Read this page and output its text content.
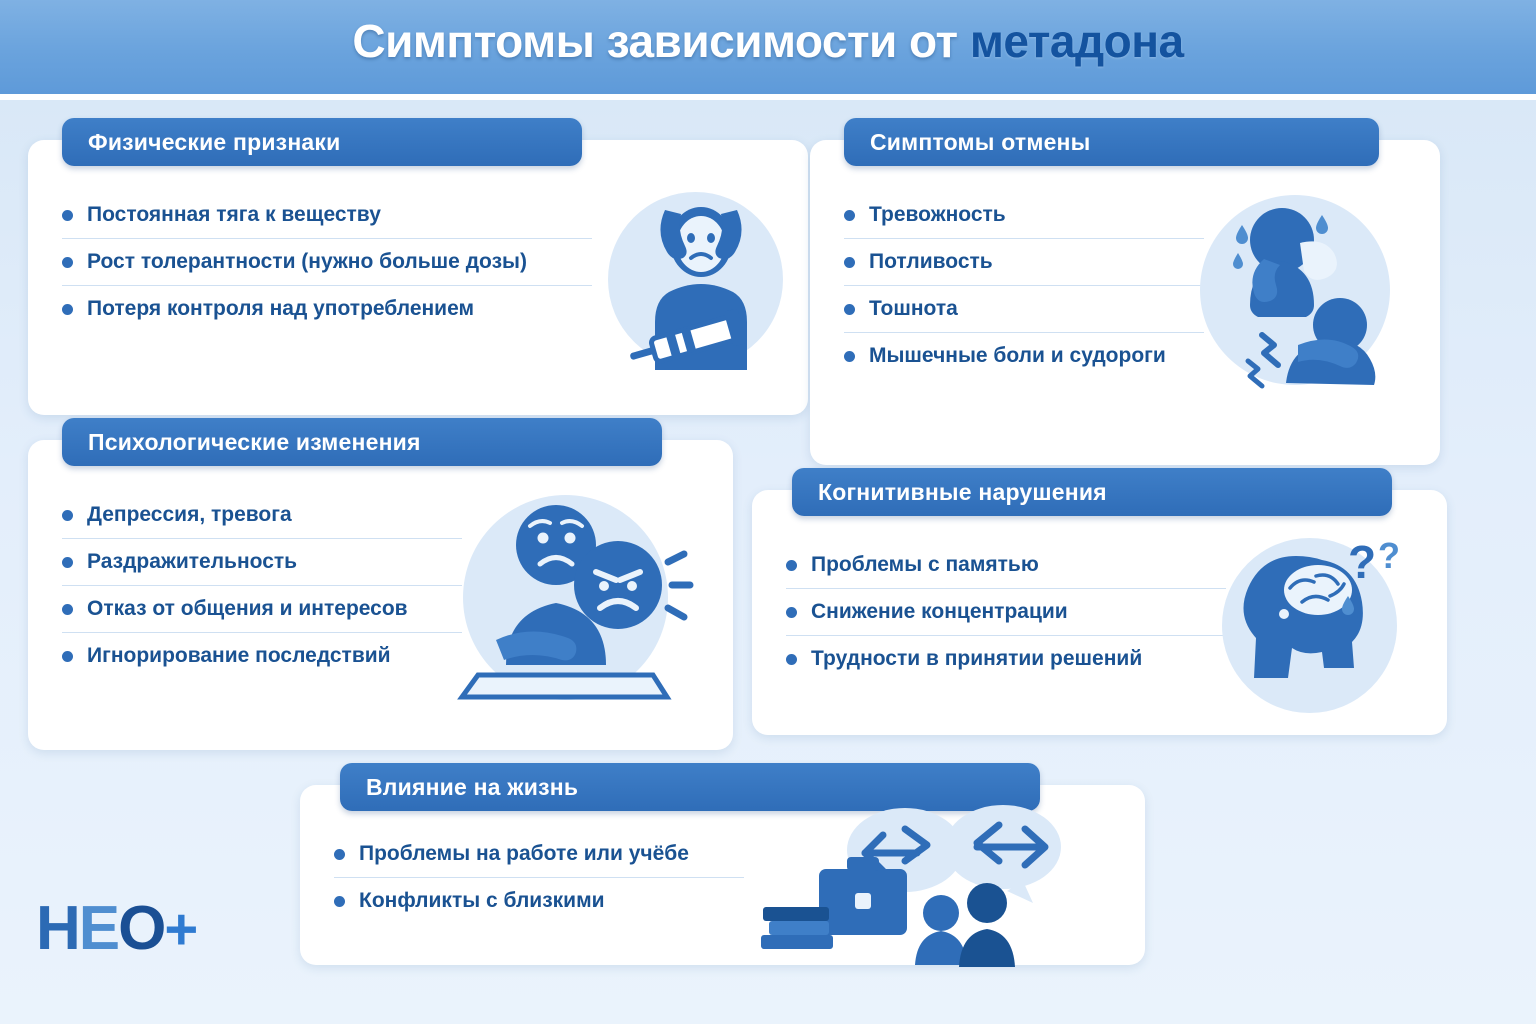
Симптомы зависимости от метадона
Физические признаки
Постоянная тяга к веществу
Рост толерантности (нужно больше дозы)
Потеря контроля над употреблением
Психологические изменения
Депрессия, тревога
Раздражительность
Отказ от общения и интересов
Игнорирование последствий
Симптомы отмены
Тревожность
Потливость
Тошнота
Мышечные боли и судороги
Когнитивные нарушения
Проблемы с памятью
Снижение концентрации
Трудности в принятии решений
? ?
Влияние на жизнь
Проблемы на работе или учёбе
Конфликты с близкими
HEO+
